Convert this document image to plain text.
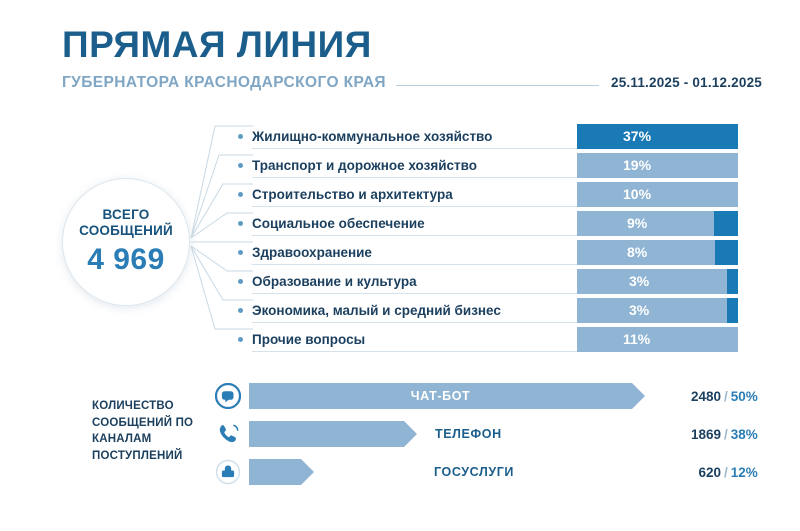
ПРЯМАЯ ЛИНИЯ
ГУБЕРНАТОРА КРАСНОДАРСКОГО КРАЯ	25.11.2025 - 01.12.2025
ВСЕГО
СООБЩЕНИЙ
4 969
Жилищно-коммунальное хозяйство	37%
Транспорт и дорожное хозяйство	19%
Строительство и архитектура	10%
Социальное обеспечение	9%
Здравоохранение	8%
Образование и культура	3%
Экономика, малый и средний бизнес	3%
Прочие вопросы	11%
КОЛИЧЕСТВО СООБЩЕНИЙ ПО КАНАЛАМ ПОСТУПЛЕНИЙ
ЧАТ-БОТ	2480 / 50%
ТЕЛЕФОН	1869 / 38%
ГОСУСЛУГИ	620 / 12%
